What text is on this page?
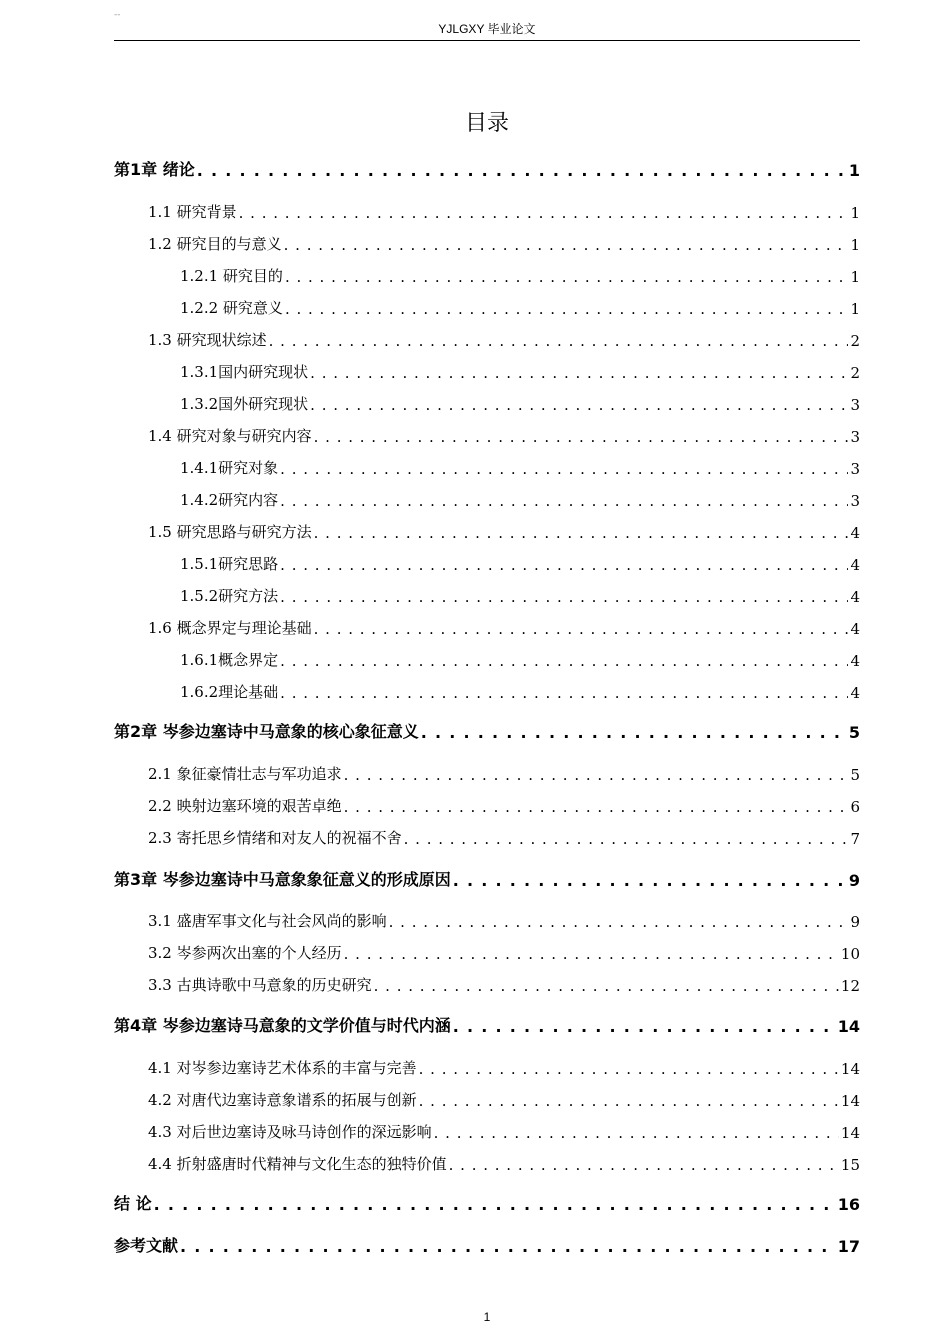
--
YJLGXY 毕业论文
目录
第1章 绪论 . . .	1
1.1 研究背景 . . .	1
1.2 研究目的与意义 . . .	1
1.2.1 研究目的 . . .	1
1.2.2 研究意义 . . .	1
1.3 研究现状综述 . . .	2
1.3.1国内研究现状 . . .	2
1.3.2国外研究现状 . . .	3
1.4 研究对象与研究内容 . . .	3
1.4.1研究对象 . . .	3
1.4.2研究内容 . . .	3
1.5 研究思路与研究方法 . . .	4
1.5.1研究思路 . . .	4
1.5.2研究方法 . . .	4
1.6 概念界定与理论基础 . . .	4
1.6.1概念界定 . . .	4
1.6.2理论基础 . . .	4
第2章 岑参边塞诗中马意象的核心象征意义 . . .	5
2.1 象征豪情壮志与军功追求 . . .	5
2.2 映射边塞环境的艰苦卓绝 . . .	6
2.3 寄托思乡情绪和对友人的祝福不舍 . . .	7
第3章 岑参边塞诗中马意象象征意义的形成原因 . . .	9
3.1 盛唐军事文化与社会风尚的影响 . . .	9
3.2 岑参两次出塞的个人经历 . . .	10
3.3 古典诗歌中马意象的历史研究 . . .	12
第4章 岑参边塞诗马意象的文学价值与时代内涵 . . .	14
4.1 对岑参边塞诗艺术体系的丰富与完善 . . .	14
4.2 对唐代边塞诗意象谱系的拓展与创新 . . .	14
4.3 对后世边塞诗及咏马诗创作的深远影响 . . .	14
4.4 折射盛唐时代精神与文化生态的独特价值 . . .	15
结 论 . . .	16
参考文献 . . .	17
1
